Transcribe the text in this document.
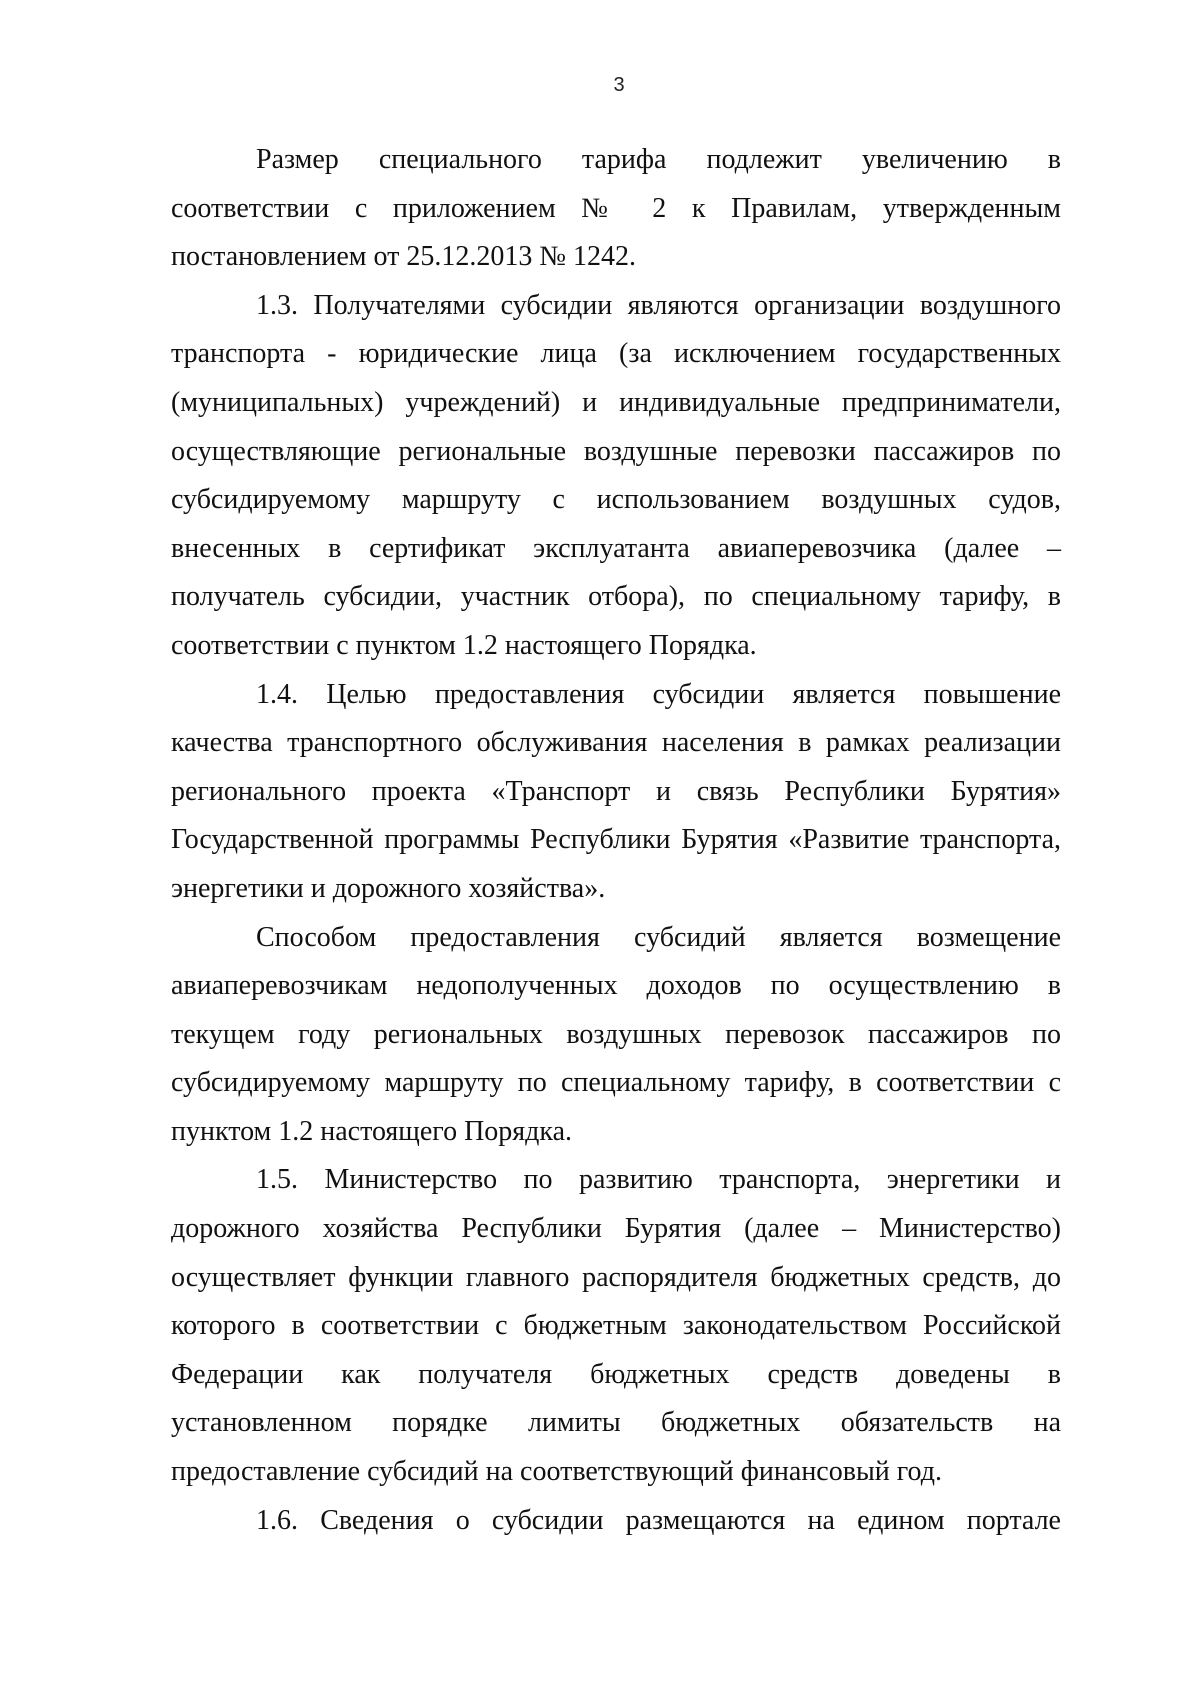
3

Размер специального тарифа подлежит увеличению в соответствии с приложением № 2 к Правилам, утвержденным постановлением от 25.12.2013 № 1242.

1.3. Получателями субсидии являются организации воздушного транспорта - юридические лица (за исключением государственных (муниципальных) учреждений) и индивидуальные предприниматели, осуществляющие региональные воздушные перевозки пассажиров по субсидируемому маршруту с использованием воздушных судов, внесенных в сертификат эксплуатанта авиаперевозчика (далее – получатель субсидии, участник отбора), по специальному тарифу, в соответствии с пунктом 1.2 настоящего Порядка.

1.4. Целью предоставления субсидии является повышение качества транспортного обслуживания населения в рамках реализации регионального проекта «Транспорт и связь Республики Бурятия» Государственной программы Республики Бурятия «Развитие транспорта, энергетики и дорожного хозяйства».

Способом предоставления субсидий является возмещение авиаперевозчикам недополученных доходов по осуществлению в текущем году региональных воздушных перевозок пассажиров по субсидируемому маршруту по специальному тарифу, в соответствии с пунктом 1.2 настоящего Порядка.

1.5. Министерство по развитию транспорта, энергетики и дорожного хозяйства Республики Бурятия (далее – Министерство) осуществляет функции главного распорядителя бюджетных средств, до которого в соответствии с бюджетным законодательством Российской Федерации как получателя бюджетных средств доведены в установленном порядке лимиты бюджетных обязательств на предоставление субсидий на соответствующий финансовый год.

1.6. Сведения о субсидии размещаются на едином портале
